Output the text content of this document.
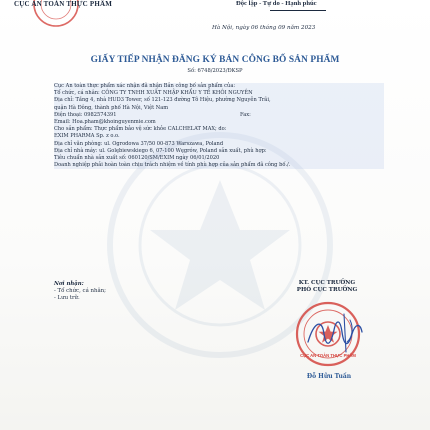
CỤC AN TOÀN THỰC PHẨM	Độc lập - Tự do - Hạnh phúc
Hà Nội, ngày 06 tháng 09 năm 2023
GIẤY TIẾP NHẬN ĐĂNG KÝ BẢN CÔNG BỐ SẢN PHẨM
Số: 6748/2023/ĐKSP
Cục An toàn thực phẩm xác nhận đã nhận Bản công bố sản phẩm của:
Tổ chức, cá nhân: CÔNG TY TNHH XUẤT NHẬP KHẨU Y TẾ KHÔI NGUYÊN
Địa chỉ: Tầng 4, nhà HUD3 Tower, số 121-123 đường Tô Hiệu, phường Nguyễn Trãi,
quận Hà Đông, thành phố Hà Nội, Việt Nam
Điện thoại: 0982574391	Fax:
Email: Hoa.pham@khoinguyenmie.com
Cho sản phẩm: Thực phẩm bảo vệ sức khỏe CALCHELAT MAX; do:
EXIM PHARMA Sp. z o.o.
Địa chỉ văn phòng: ul. Ogrodowa 37/50 00-873 Warszawa, Poland
Địa chỉ nhà máy: ul. Golębiewskiego 6, 07-100 Węgrów, Poland sản xuất, phù hợp:
Tiêu chuẩn nhà sản xuất số: 060120/SM/EXIM ngày 06/01/2020
Doanh nghiệp phải hoàn toàn chịu trách nhiệm về tính phù hợp của sản phẩm đã công bố./.
Nơi nhận:
- Tổ chức, cá nhân;
- Lưu trữ.
KT. CỤC TRƯỞNG
PHÓ CỤC TRƯỞNG
CỤC AN TOÀN THỰC PHẨM
Đỗ Hữu Tuấn
